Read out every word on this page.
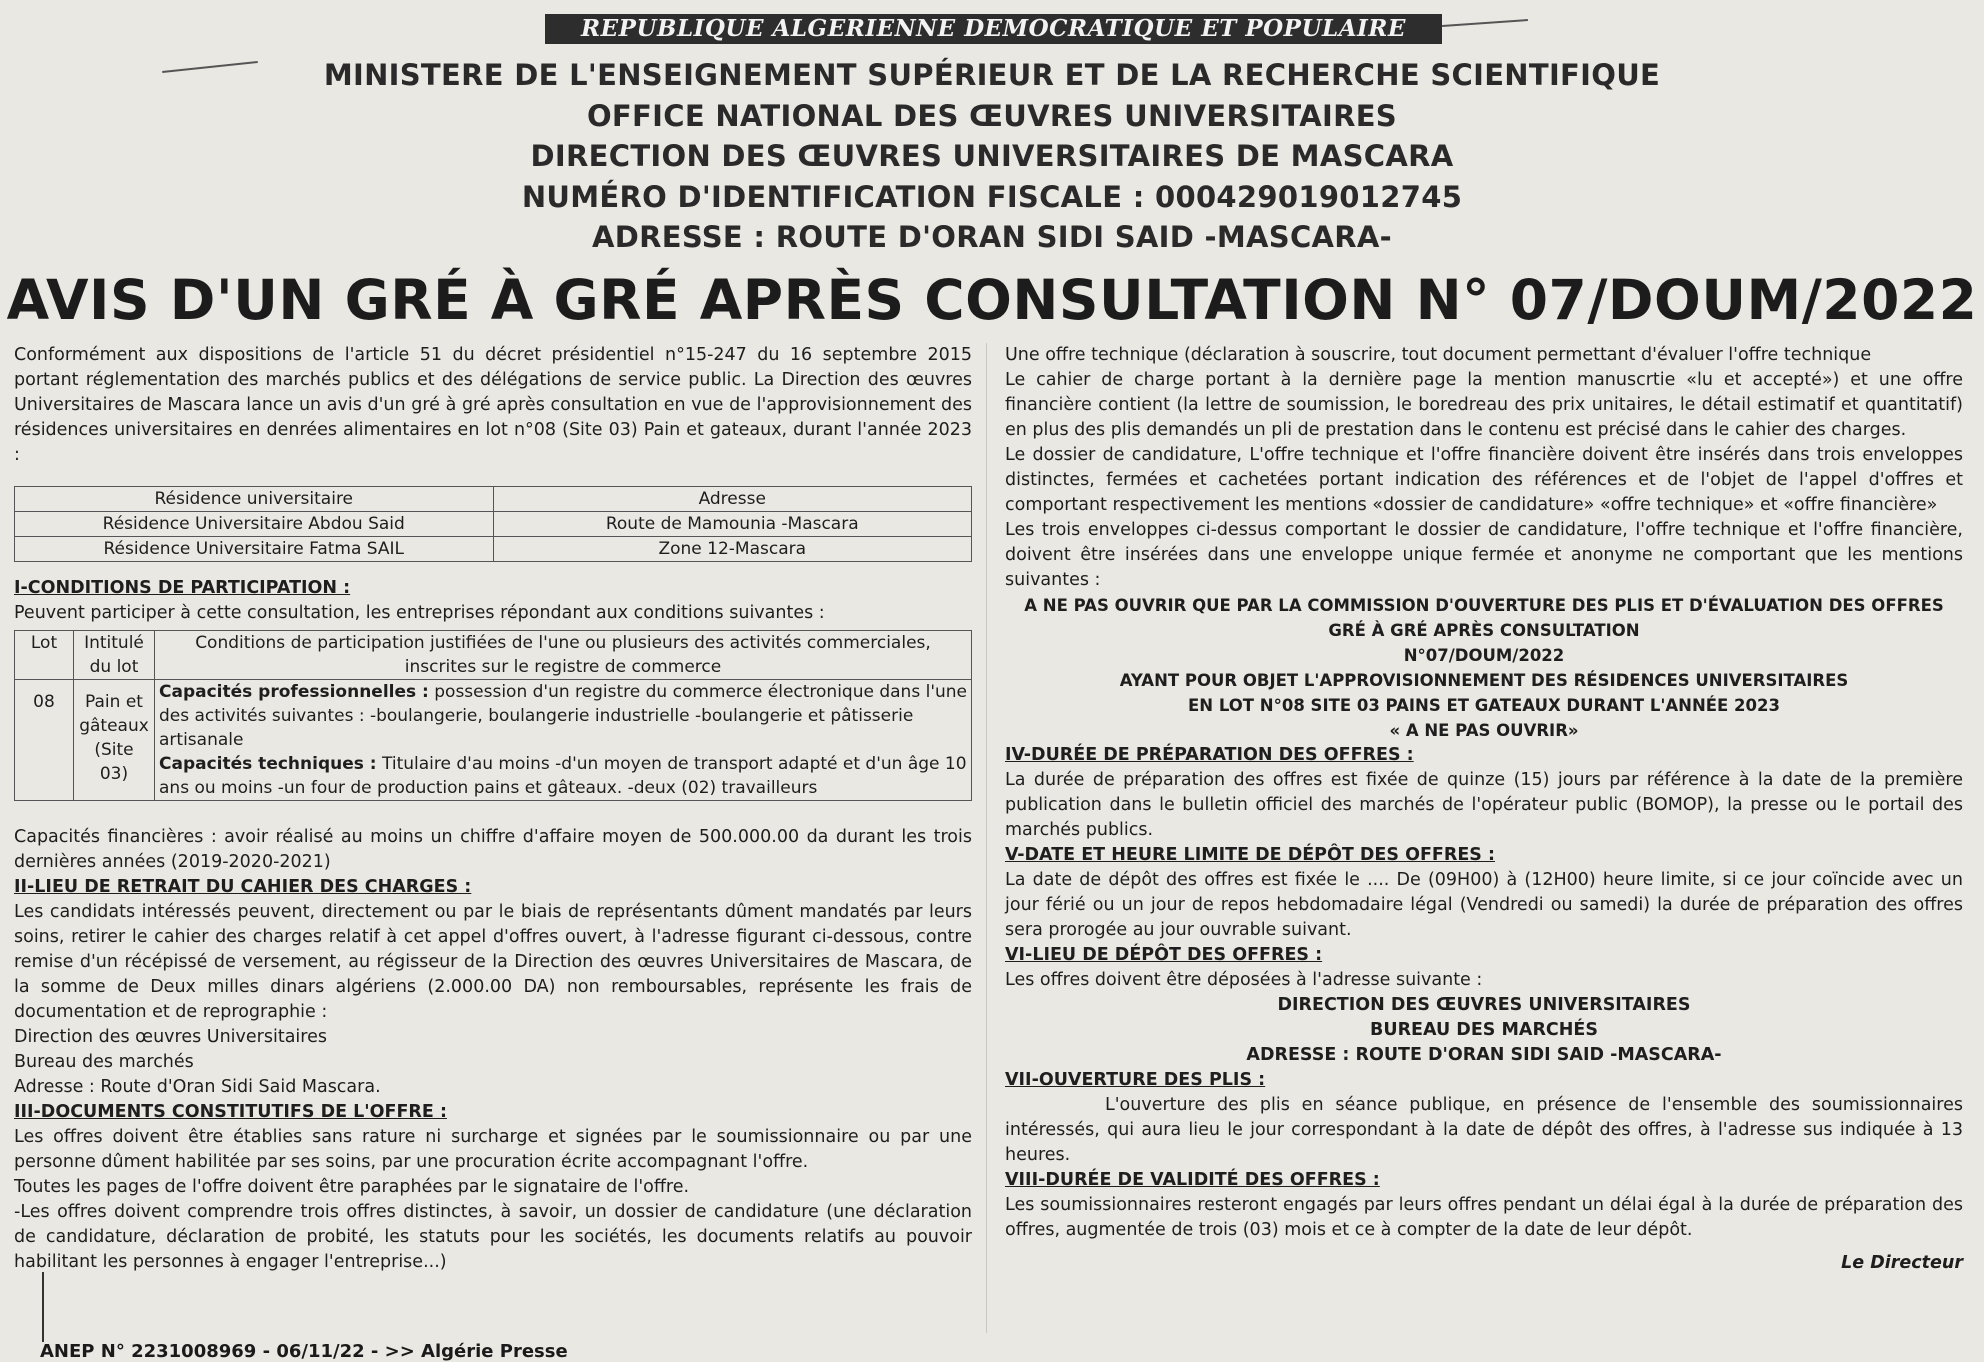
REPUBLIQUE ALGERIENNE DEMOCRATIQUE ET POPULAIRE
MINISTERE DE L'ENSEIGNEMENT SUPÉRIEUR ET DE LA RECHERCHE SCIENTIFIQUE
OFFICE NATIONAL DES ŒUVRES UNIVERSITAIRES
DIRECTION DES ŒUVRES UNIVERSITAIRES DE MASCARA
NUMÉRO D'IDENTIFICATION FISCALE : 000429019012745
ADRESSE : ROUTE D'ORAN SIDI SAID -MASCARA-
AVIS D'UN GRÉ À GRÉ APRÈS CONSULTATION N° 07/DOUM/2022

Conformément aux dispositions de l'article 51 du décret présidentiel n°15-247 du 16 septembre 2015 portant réglementation des marchés publics et des délégations de service public. La Direction des œuvres Universitaires de Mascara lance un avis d'un gré à gré après consultation en vue de l'approvisionnement des résidences universitaires en denrées alimentaires en lot n°08 (Site 03) Pain et gateaux, durant l'année 2023 :

Résidence universitaire	Adresse
Résidence Universitaire Abdou Said	Route de Mamounia -Mascara
Résidence Universitaire Fatma SAIL	Zone 12-Mascara

I-CONDITIONS DE PARTICIPATION :

Peuvent participer à cette consultation, les entreprises répondant aux conditions suivantes :

Lot	Intitulé du lot	Conditions de participation justifiées de l'une ou plusieurs des activités commerciales, inscrites sur le registre de commerce
08	Pain et gâteaux (Site 03)	Capacités professionnelles : possession d'un registre du commerce électronique dans l'une des activités suivantes : -boulangerie, boulangerie industrielle -boulangerie et pâtisserie artisanale
Capacités techniques : Titulaire d'au moins -d'un moyen de transport adapté et d'un âge 10 ans ou moins -un four de production pains et gâteaux. -deux (02) travailleurs

Capacités financières : avoir réalisé au moins un chiffre d'affaire moyen de 500.000.00 da durant les trois dernières années (2019-2020-2021)

II-LIEU DE RETRAIT DU CAHIER DES CHARGES :

Les candidats intéressés peuvent, directement ou par le biais de représentants dûment mandatés par leurs soins, retirer le cahier des charges relatif à cet appel d'offres ouvert, à l'adresse figurant ci-dessous, contre remise d'un récépissé de versement, au régisseur de la Direction des œuvres Universitaires de Mascara, de la somme de Deux milles dinars algériens (2.000.00 DA) non remboursables, représente les frais de documentation et de reprographie :

Direction des œuvres Universitaires

Bureau des marchés

Adresse : Route d'Oran Sidi Said Mascara.

III-DOCUMENTS CONSTITUTIFS DE L'OFFRE :

Les offres doivent être établies sans rature ni surcharge et signées par le soumissionnaire ou par une personne dûment habilitée par ses soins, par une procuration écrite accompagnant l'offre.

Toutes les pages de l'offre doivent être paraphées par le signataire de l'offre.

-Les offres doivent comprendre trois offres distinctes, à savoir, un dossier de candidature (une déclaration de candidature, déclaration de probité, les statuts pour les sociétés, les documents relatifs au pouvoir habilitant les personnes à engager l'entreprise...)

Une offre technique (déclaration à souscrire, tout document permettant d'évaluer l'offre technique

Le cahier de charge portant à la dernière page la mention manuscrtie «lu et accepté») et une offre financière contient (la lettre de soumission, le boredreau des prix unitaires, le détail estimatif et quantitatif) en plus des plis demandés un pli de prestation dans le contenu est précisé dans le cahier des charges.

Le dossier de candidature, L'offre technique et l'offre financière doivent être insérés dans trois enveloppes distinctes, fermées et cachetées portant indication des références et de l'objet de l'appel d'offres et comportant respectivement les mentions «dossier de candidature» «offre technique» et «offre financière»

Les trois enveloppes ci-dessus comportant le dossier de candidature, l'offre technique et l'offre financière, doivent être insérées dans une enveloppe unique fermée et anonyme ne comportant que les mentions suivantes :

A NE PAS OUVRIR QUE PAR LA COMMISSION D'OUVERTURE DES PLIS ET D'ÉVALUATION DES OFFRES

GRÉ À GRÉ APRÈS CONSULTATION

N°07/DOUM/2022

AYANT POUR OBJET L'APPROVISIONNEMENT DES RÉSIDENCES UNIVERSITAIRES

EN LOT N°08 SITE 03 PAINS ET GATEAUX DURANT L'ANNÉE 2023

« A NE PAS OUVRIR»

IV-DURÉE DE PRÉPARATION DES OFFRES :

La durée de préparation des offres est fixée de quinze (15) jours par référence à la date de la première publication dans le bulletin officiel des marchés de l'opérateur public (BOMOP), la presse ou le portail des marchés publics.

V-DATE ET HEURE LIMITE DE DÉPÔT DES OFFRES :

La date de dépôt des offres est fixée le .... De (09H00) à (12H00) heure limite, si ce jour coïncide avec un jour férié ou un jour de repos hebdomadaire légal (Vendredi ou samedi) la durée de préparation des offres sera prorogée au jour ouvrable suivant.

VI-LIEU DE DÉPÔT DES OFFRES :

Les offres doivent être déposées à l'adresse suivante :

DIRECTION DES ŒUVRES UNIVERSITAIRES

BUREAU DES MARCHÉS

ADRESSE : ROUTE D'ORAN SIDI SAID -MASCARA-

VII-OUVERTURE DES PLIS :

L'ouverture des plis en séance publique, en présence de l'ensemble des soumissionnaires intéressés, qui aura lieu le jour correspondant à la date de dépôt des offres, à l'adresse sus indiquée à 13 heures.

VIII-DURÉE DE VALIDITÉ DES OFFRES :

Les soumissionnaires resteront engagés par leurs offres pendant un délai égal à la durée de préparation des offres, augmentée de trois (03) mois et ce à compter de la date de leur dépôt.

Le Directeur

ANEP N° 2231008969 - 06/11/22 - >> Algérie Presse
